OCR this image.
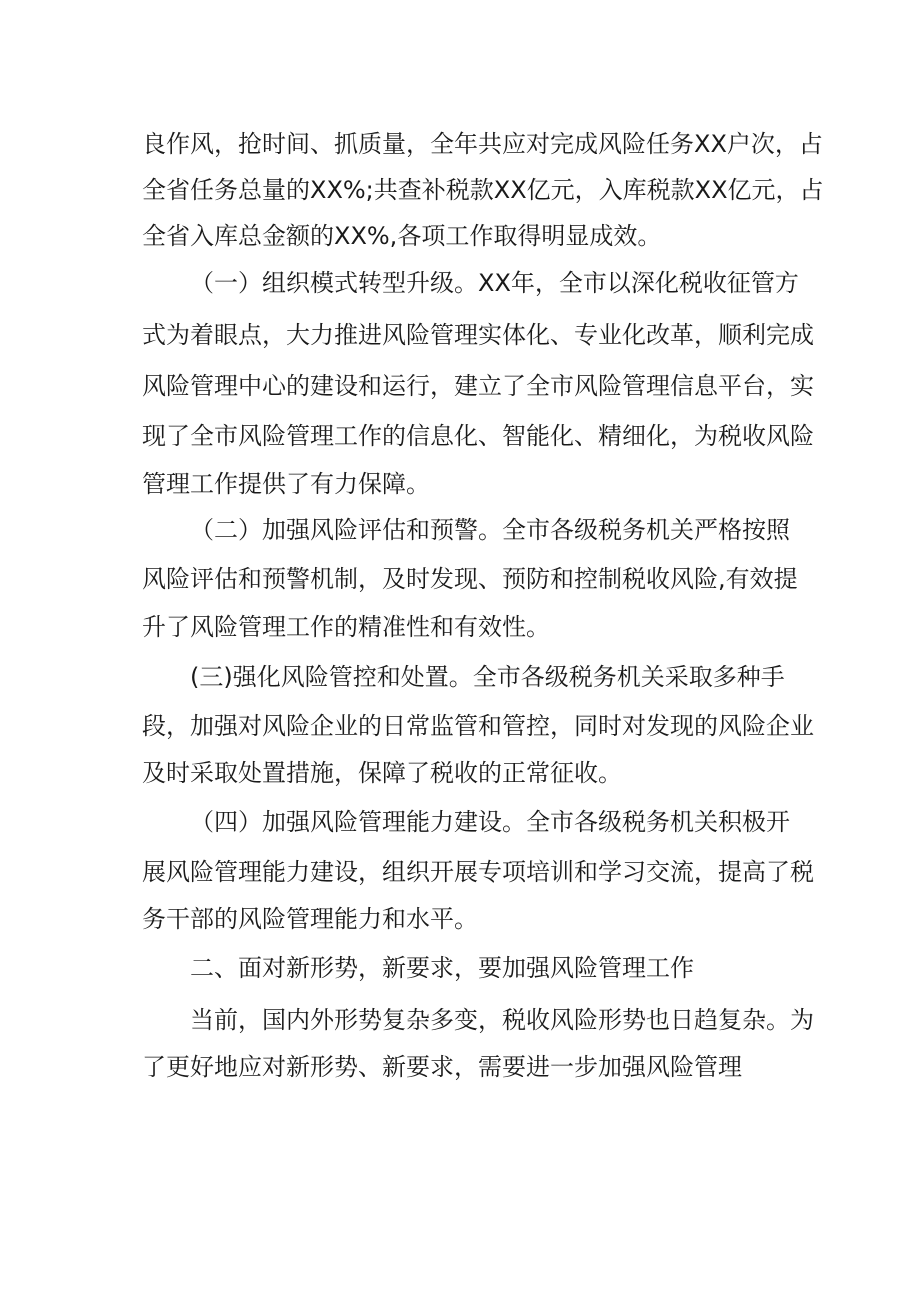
良作风，抢时间、抓质量，全年共应对完成风险任务XX户次，占
全省任务总量的XX%;共查补税款XX亿元，入库税款XX亿元，占
全省入库总金额的XX%,各项工作取得明显成效。
（一）组织模式转型升级。XX年，全市以深化税收征管方
式为着眼点，大力推进风险管理实体化、专业化改革，顺利完成
风险管理中心的建设和运行，建立了全市风险管理信息平台，实
现了全市风险管理工作的信息化、智能化、精细化，为税收风险
管理工作提供了有力保障。
（二）加强风险评估和预警。全市各级税务机关严格按照
风险评估和预警机制，及时发现、预防和控制税收风险,有效提
升了风险管理工作的精准性和有效性。
(三)强化风险管控和处置。全市各级税务机关采取多种手
段，加强对风险企业的日常监管和管控，同时对发现的风险企业
及时采取处置措施，保障了税收的正常征收。
（四）加强风险管理能力建设。全市各级税务机关积极开
展风险管理能力建设，组织开展专项培训和学习交流，提高了税
务干部的风险管理能力和水平。
二、面对新形势，新要求，要加强风险管理工作
当前，国内外形势复杂多变，税收风险形势也日趋复杂。为
了更好地应对新形势、新要求，需要进一步加强风险管理
